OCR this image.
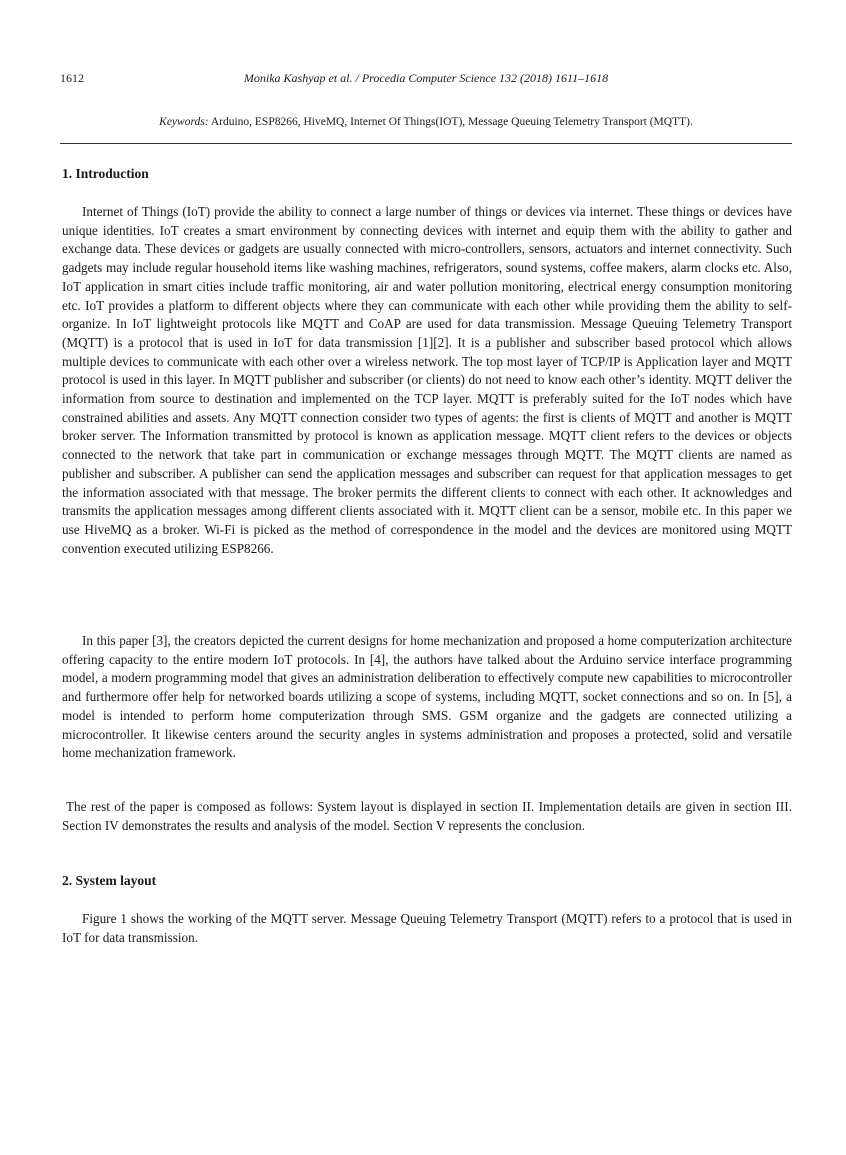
1612	Monika Kashyap et al. / Procedia Computer Science 132 (2018) 1611–1618
Keywords: Arduino, ESP8266, HiveMQ, Internet Of Things(IOT), Message Queuing Telemetry Transport (MQTT).
1. Introduction

Internet of Things (IoT) provide the ability to connect a large number of things or devices via internet. These things or devices have unique identities. IoT creates a smart environment by connecting devices with internet and equip them with the ability to gather and exchange data. These devices or gadgets are usually connected with micro-controllers, sensors, actuators and internet connectivity. Such gadgets may include regular household items like washing machines, refrigerators, sound systems, coffee makers, alarm clocks etc. Also, IoT application in smart cities include traffic monitoring, air and water pollution monitoring, electrical energy consumption monitoring etc. IoT provides a platform to different objects where they can communicate with each other while providing them the ability to self-organize. In IoT lightweight protocols like MQTT and CoAP are used for data transmission. Message Queuing Telemetry Transport (MQTT) is a protocol that is used in IoT for data transmission [1][2]. It is a publisher and subscriber based protocol which allows multiple devices to communicate with each other over a wireless network. The top most layer of TCP/IP is Application layer and MQTT protocol is used in this layer. In MQTT publisher and subscriber (or clients) do not need to know each other’s identity. MQTT deliver the information from source to destination and implemented on the TCP layer. MQTT is preferably suited for the IoT nodes which have constrained abilities and assets. Any MQTT connection consider two types of agents: the first is clients of MQTT and another is MQTT broker server. The Information transmitted by protocol is known as application message. MQTT client refers to the devices or objects connected to the network that take part in communication or exchange messages through MQTT. The MQTT clients are named as publisher and subscriber. A publisher can send the application messages and subscriber can request for that application messages to get the information associated with that message. The broker permits the different clients to connect with each other. It acknowledges and transmits the application messages among different clients associated with it. MQTT client can be a sensor, mobile etc. In this paper we use HiveMQ as a broker. Wi-Fi is picked as the method of correspondence in the model and the devices are monitored using MQTT convention executed utilizing ESP8266.

In this paper [3], the creators depicted the current designs for home mechanization and proposed a home computerization architecture offering capacity to the entire modern IoT protocols. In [4], the authors have talked about the Arduino service interface programming model, a modern programming model that gives an administration deliberation to effectively compute new capabilities to microcontroller and furthermore offer help for networked boards utilizing a scope of systems, including MQTT, socket connections and so on. In [5], a model is intended to perform home computerization through SMS. GSM organize and the gadgets are connected utilizing a microcontroller. It likewise centers around the security angles in systems administration and proposes a protected, solid and versatile home mechanization framework.

The rest of the paper is composed as follows: System layout is displayed in section II. Implementation details are given in section III. Section IV demonstrates the results and analysis of the model. Section V represents the conclusion.

2. System layout

Figure 1 shows the working of the MQTT server. Message Queuing Telemetry Transport (MQTT) refers to a protocol that is used in IoT for data transmission.
